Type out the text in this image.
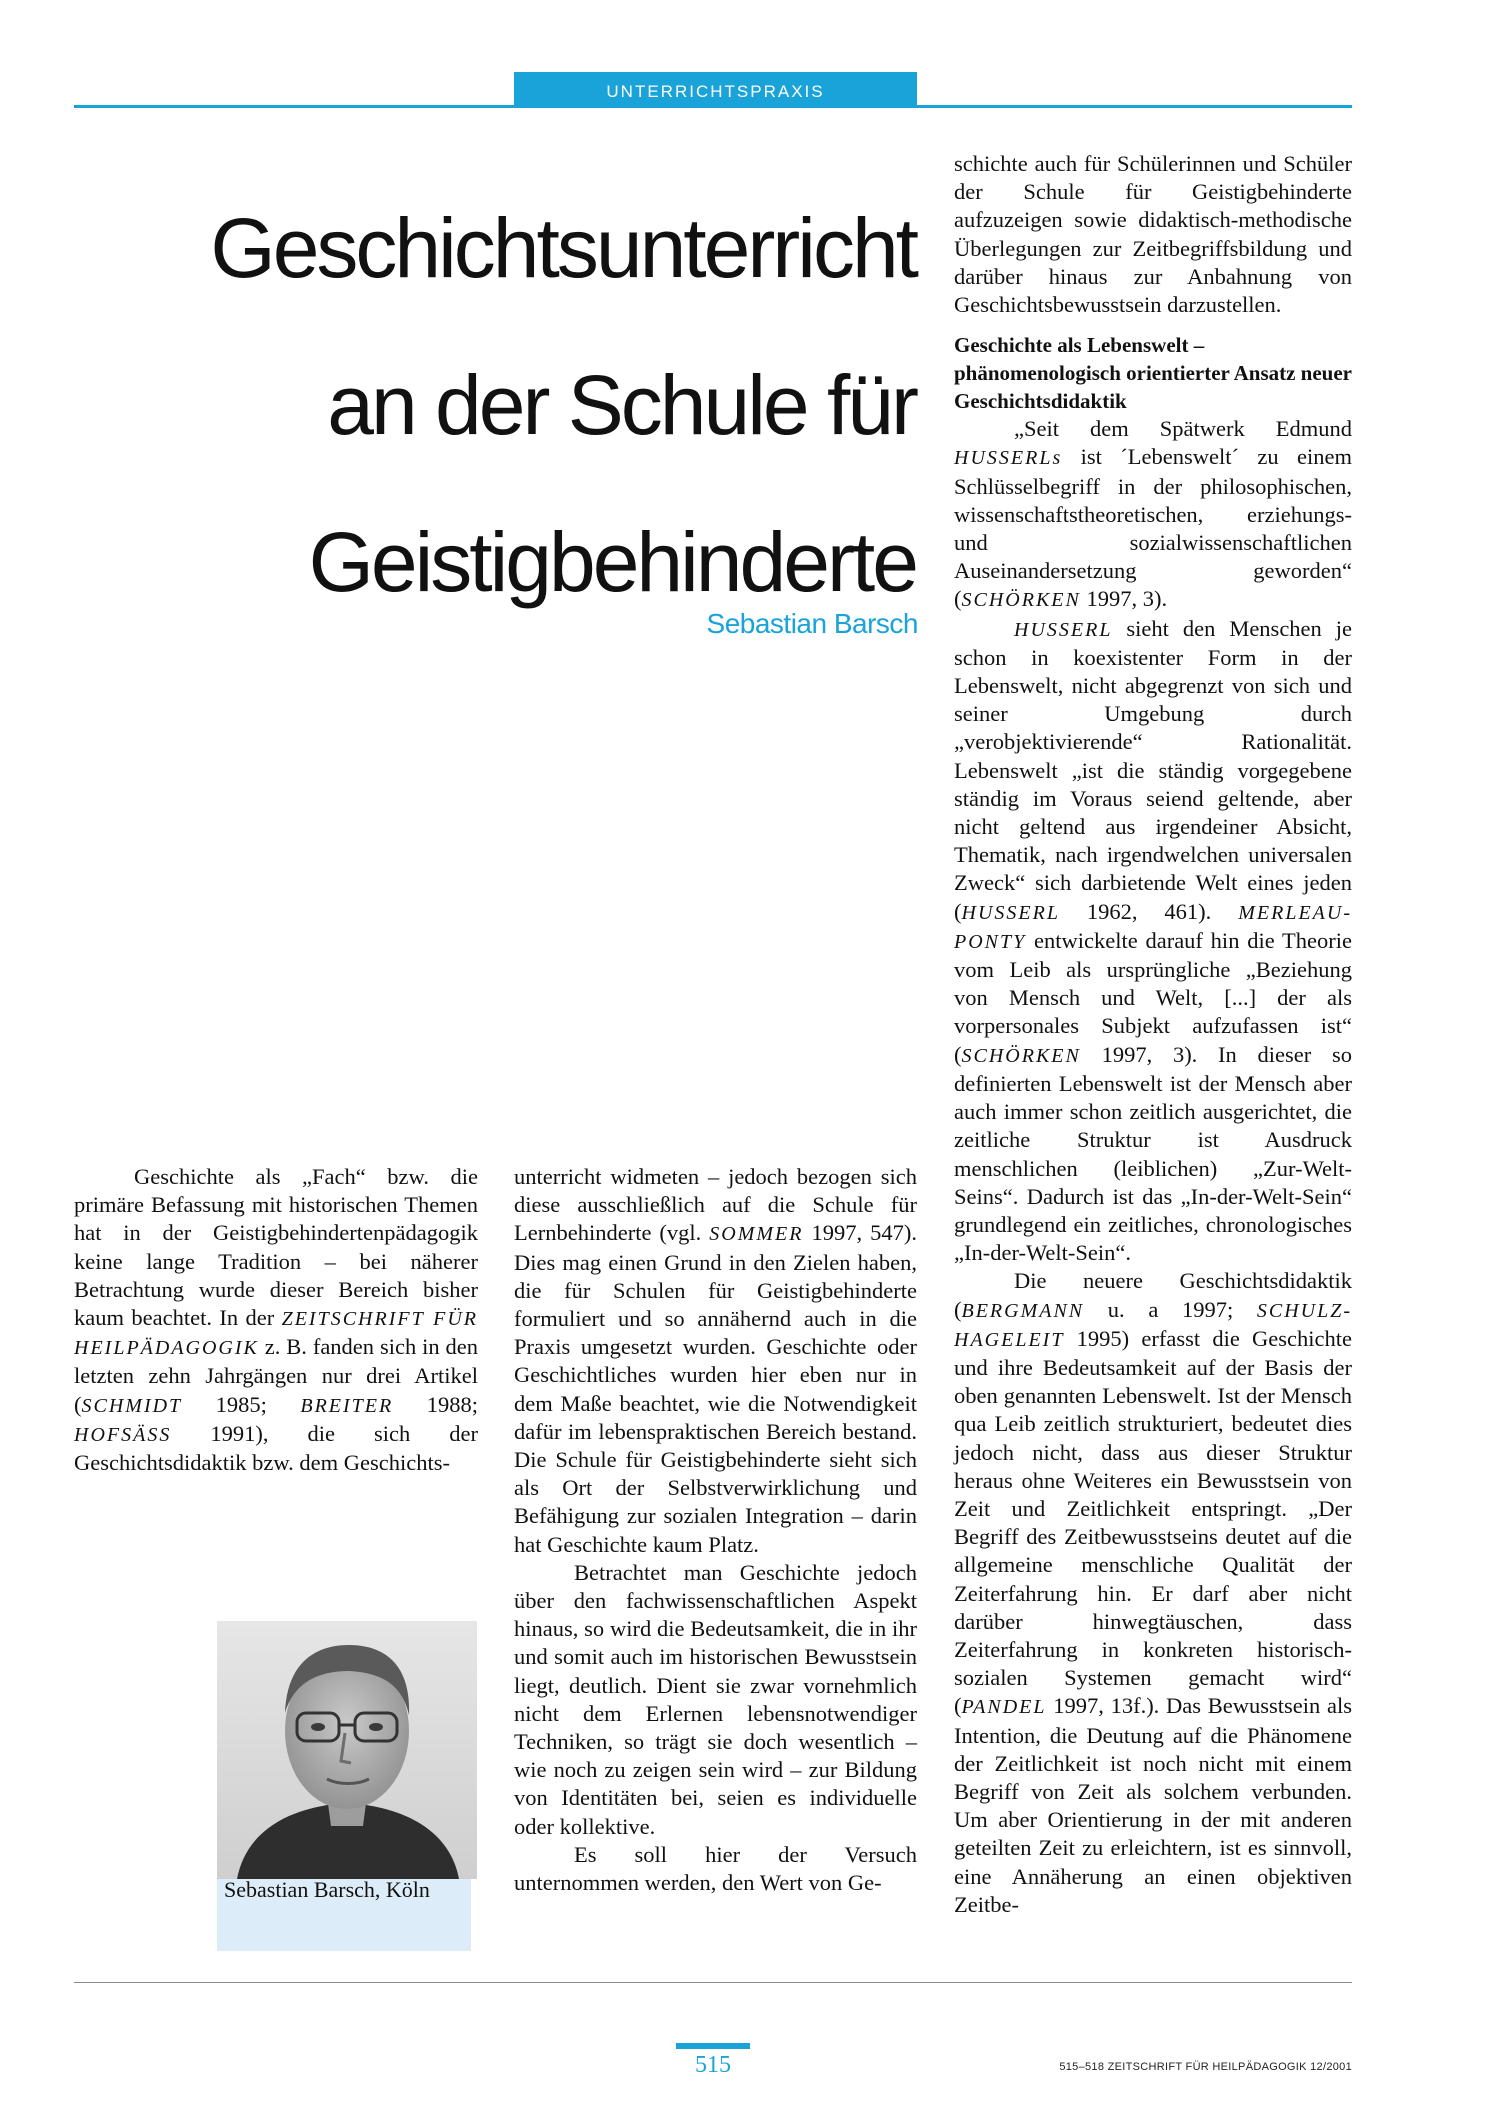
UNTERRICHTSPRAXIS
Geschichtsunterricht
an der Schule für
Geistigbehinderte
Sebastian Barsch

Geschichte als „Fach“ bzw. die primäre Befassung mit historischen Themen hat in der Geistigbehindertenpädagogik keine lange Tradition – bei näherer Betrachtung wurde dieser Bereich bisher kaum beachtet. In der ZEITSCHRIFT FÜR HEILPÄDAGOGIK z. B. fanden sich in den letzten zehn Jahrgängen nur drei Artikel (SCHMIDT 1985; BREITER 1988; HOFSÄSS 1991), die sich der Geschichtsdidaktik bzw. dem Geschichts-

unterricht widmeten – jedoch bezogen sich diese ausschließlich auf die Schule für Lernbehinderte (vgl. SOMMER 1997, 547). Dies mag einen Grund in den Zielen haben, die für Schulen für Geistigbehinderte formuliert und so annähernd auch in die Praxis umgesetzt wurden. Geschichte oder Geschichtliches wurden hier eben nur in dem Maße beachtet, wie die Notwendigkeit dafür im lebenspraktischen Bereich bestand. Die Schule für Geistigbehinderte sieht sich als Ort der Selbstverwirklichung und Befähigung zur sozialen Integration – darin hat Geschichte kaum Platz.

Betrachtet man Geschichte jedoch über den fachwissenschaftlichen Aspekt hinaus, so wird die Bedeutsamkeit, die in ihr und somit auch im historischen Bewusstsein liegt, deutlich. Dient sie zwar vornehmlich nicht dem Erlernen lebensnotwendiger Techniken, so trägt sie doch wesentlich – wie noch zu zeigen sein wird – zur Bildung von Identitäten bei, seien es individuelle oder kollektive.

Es soll hier der Versuch unternommen werden, den Wert von Ge-

schichte auch für Schülerinnen und Schüler der Schule für Geistigbehinderte aufzuzeigen sowie didaktisch-methodische Überlegungen zur Zeitbegriffsbildung und darüber hinaus zur Anbahnung von Geschichtsbewusstsein darzustellen.

Geschichte als Lebenswelt – phänomenologisch orientierter Ansatz neuer Geschichtsdidaktik

„Seit dem Spätwerk Edmund HUSSERLs ist ´Lebenswelt´ zu einem Schlüsselbegriff in der philosophischen, wissenschaftstheoretischen, erziehungs- und sozialwissenschaftlichen Auseinandersetzung geworden“ (SCHÖRKEN 1997, 3).

HUSSERL sieht den Menschen je schon in koexistenter Form in der Lebenswelt, nicht abgegrenzt von sich und seiner Umgebung durch „verobjektivierende“ Rationalität. Lebenswelt „ist die ständig vorgegebene ständig im Voraus seiend geltende, aber nicht geltend aus irgendeiner Absicht, Thematik, nach irgendwelchen universalen Zweck“ sich darbietende Welt eines jeden (HUSSERL 1962, 461). MERLEAU-PONTY entwickelte darauf hin die Theorie vom Leib als ursprüngliche „Beziehung von Mensch und Welt, [...] der als vorpersonales Subjekt aufzufassen ist“ (SCHÖRKEN 1997, 3). In dieser so definierten Lebenswelt ist der Mensch aber auch immer schon zeitlich ausgerichtet, die zeitliche Struktur ist Ausdruck menschlichen (leiblichen) „Zur-Welt-Seins“. Dadurch ist das „In-der-Welt-Sein“ grundlegend ein zeitliches, chronologisches „In-der-Welt-Sein“.

Die neuere Geschichtsdidaktik (BERGMANN u. a 1997; SCHULZ-HAGELEIT 1995) erfasst die Geschichte und ihre Bedeutsamkeit auf der Basis der oben genannten Lebenswelt. Ist der Mensch qua Leib zeitlich strukturiert, bedeutet dies jedoch nicht, dass aus dieser Struktur heraus ohne Weiteres ein Bewusstsein von Zeit und Zeitlichkeit entspringt. „Der Begriff des Zeitbewusstseins deutet auf die allgemeine menschliche Qualität der Zeiterfahrung hin. Er darf aber nicht darüber hinwegtäuschen, dass Zeiterfahrung in konkreten historisch-sozialen Systemen gemacht wird“ (PANDEL 1997, 13f.). Das Bewusstsein als Intention, die Deutung auf die Phänomene der Zeitlichkeit ist noch nicht mit einem Begriff von Zeit als solchem verbunden. Um aber Orientierung in der mit anderen geteilten Zeit zu erleichtern, ist es sinnvoll, eine Annäherung an einen objektiven Zeitbe-

Sebastian Barsch, Köln
515	515–518 ZEITSCHRIFT FÜR HEILPÄDAGOGIK 12/2001
